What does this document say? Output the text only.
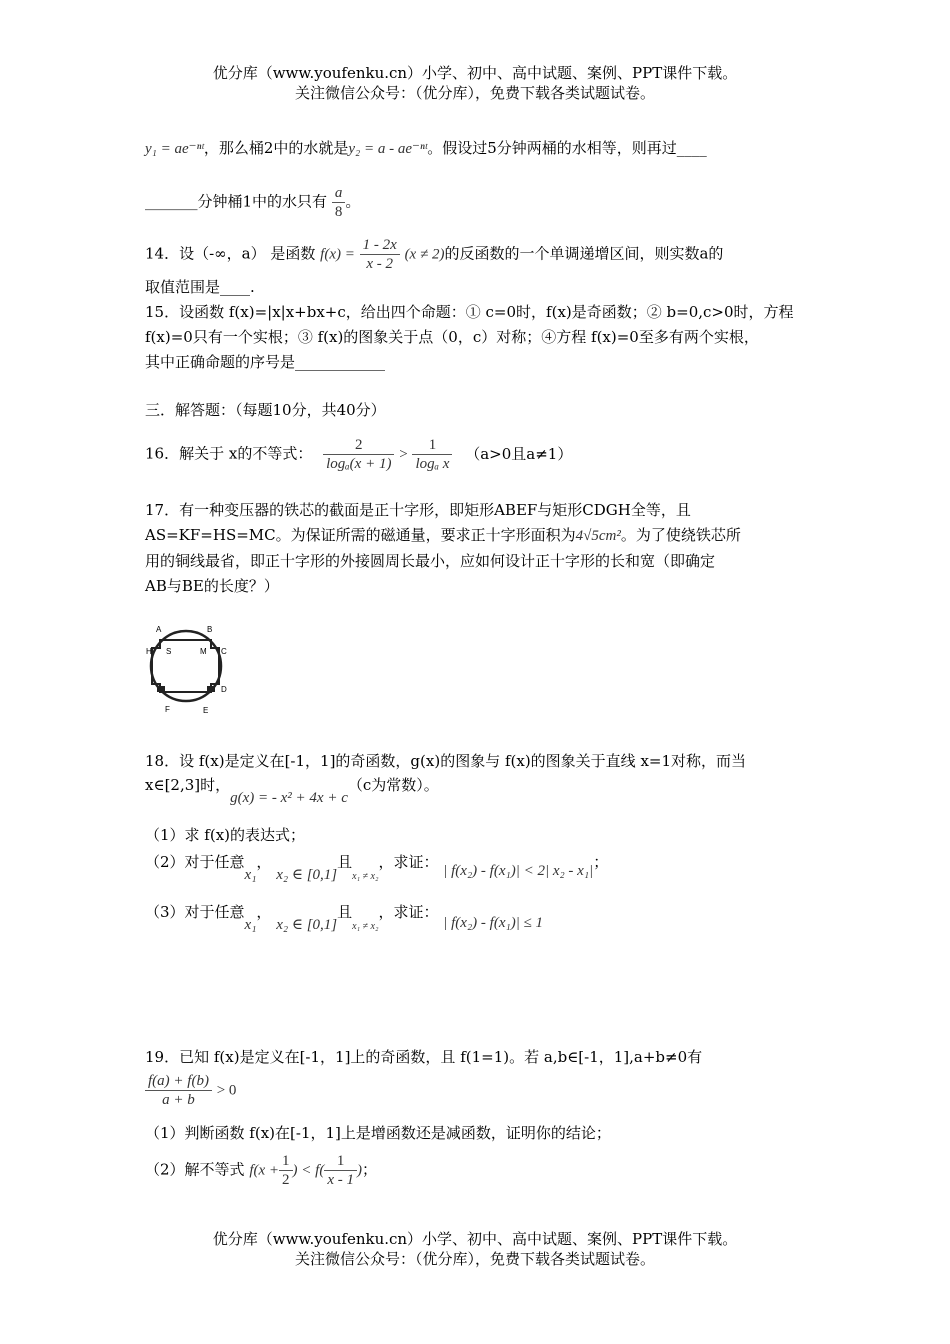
优分库（www.youfenku.cn）小学、初中、高中试题、案例、PPT课件下载。
关注微信公众号：（优分库），免费下载各类试题试卷。
y₁ = ae⁻ⁿᵗ，那么桶2中的水就是y₂ = a - ae⁻ⁿᵗ。假设过5分钟两桶的水相等，则再过____
_______分钟桶1中的水只有 $\frac{a}{8}$ 。
14．设（-∞，a） 是函数 $f(x) = \frac{1 - 2x}{x - 2} (x \ne 2)$的反函数的一个单调递增区间，则实数a的
取值范围是____.
15．设函数 f(x)=|x|x+bx+c，给出四个命题：① c=0时，f(x)是奇函数；② b=0,c>0时，方程
f(x)=0只有一个实根；③ f(x)的图象关于点（0，c）对称；④方程 f(x)=0至多有两个实根，
其中正确命题的序号是____________
三．解答题：（每题10分，共40分）
16．解关于 x的不等式： $\frac{2}{\text{logₐ(x + 1)}} > \frac{1}{\text{logₐ x}} (a>0$且a≠1）
17．有一种变压器的铁芯的截面是正十字形，即矩形ABEF与矩形CDGH全等，且
AS=KF=HS=MC。为保证所需的磁通量，要求正十字形面积为4√5cm²。为了使绕铁芯所
用的铜线最省，即正十字形的外接圆周长最小，应如何设计正十字形的长和宽（即确定
AB与BE的长度？）
A	B
C
D
E
F
H S	M
18．设 f(x)是定义在[-1，1]的奇函数，g(x)的图象与 f(x)的图象关于直线 x=1对称，而当
x∈[2,3]时，g(x) = - x² + 4x + c（c为常数）。
（1）求 f(x)的表达式；
（2）对于任意x₁， x₂ ∈ [0,1]且$_{x_1 \ne x_2}$，求证： | f(x₂) - f(x₁)| < 2| x₂ - x₁|；
（3）对于任意x₁， x₂ ∈ [0,1]且$_{x_1 \ne x_2}$，求证： | f(x₂) - f(x₁)| ≤ 1
19．已知 f(x)是定义在[-1，1]上的奇函数，且 f(1=1)。若 a,b∈[-1，1],a+b≠0有
$\frac{f(a) + f(b)}{a + b} > 0$
（1）判断函数 f(x)在[-1，1]上是增函数还是减函数，证明你的结论；
（2）解不等式 $f(x + \frac{1}{2}$ ) < $f( \frac{1}{x - 1}$ )；
优分库（www.youfenku.cn）小学、初中、高中试题、案例、PPT课件下载。
关注微信公众号：（优分库），免费下载各类试题试卷。
